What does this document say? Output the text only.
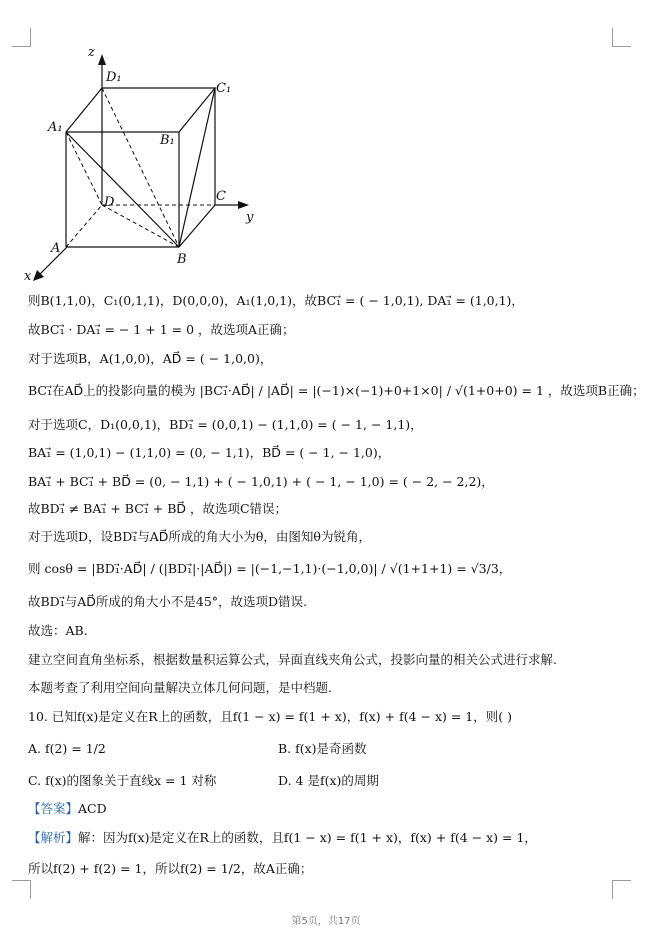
z
y
x
D₁
C₁
A₁
B₁
D	C
A
B
则B(1,1,0)，C₁(0,1,1)，D(0,0,0)，A₁(1,0,1)，故BC₁⃗ = ( − 1,0,1), DA₁⃗ = (1,0,1)，
故BC₁⃗ · DA₁⃗ = − 1 + 1 = 0 ，故选项A正确；
对于选项B，A(1,0,0)，AD⃗ = ( − 1,0,0)，
BC₁⃗在AD⃗上的投影向量的模为 |BC₁⃗·AD⃗| / |AD⃗| = |(−1)×(−1)+0+1×0| / √(1+0+0) = 1 ，故选项B正确；
对于选项C，D₁(0,0,1)，BD₁⃗ = (0,0,1) − (1,1,0) = ( − 1, − 1,1)，
BA₁⃗ = (1,0,1) − (1,1,0) = (0, − 1,1)，BD⃗ = ( − 1, − 1,0)，
BA₁⃗ + BC₁⃗ + BD⃗ = (0, − 1,1) + ( − 1,0,1) + ( − 1, − 1,0) = ( − 2, − 2,2)，
故BD₁⃗ ≠ BA₁⃗ + BC₁⃗ + BD⃗ ，故选项C错误；
对于选项D，设BD₁⃗与AD⃗所成的角大小为θ，由图知θ为锐角，
则 cosθ = |BD₁⃗·AD⃗| / (|BD₁⃗|·|AD⃗|) = |(−1,−1,1)·(−1,0,0)| / √(1+1+1) = √3/3，
故BD₁⃗与AD⃗所成的角大小不是45°，故选项D错误.
故选：AB.
建立空间直角坐标系，根据数量积运算公式，异面直线夹角公式，投影向量的相关公式进行求解.
本题考查了利用空间向量解决立体几何问题，是中档题.
10. 已知f(x)是定义在R上的函数，且f(1 − x) = f(1 + x)，f(x) + f(4 − x) = 1，则( )
A. f(2) = 1/2	B. f(x)是奇函数
C. f(x)的图象关于直线x = 1 对称	D. 4 是f(x)的周期
【答案】ACD
【解析】解：因为f(x)是定义在R上的函数，且f(1 − x) = f(1 + x)，f(x) + f(4 − x) = 1，
所以f(2) + f(2) = 1，所以f(2) = 1/2，故A正确；
第5页，共17页
